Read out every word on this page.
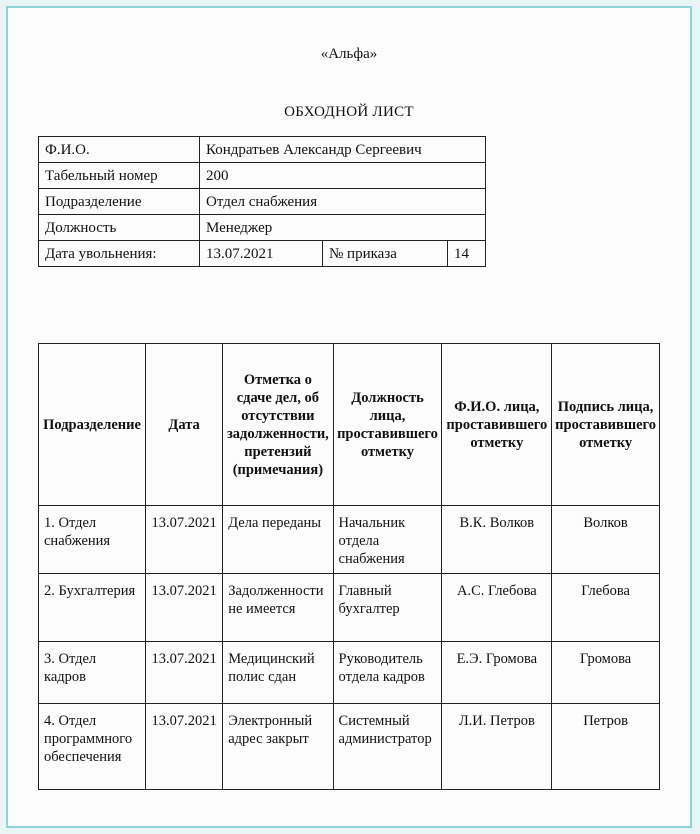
«Альфа»
ОБХОДНОЙ ЛИСТ
Ф.И.О.	Кондратьев Александр Сергеевич		
Табельный номер	200		
Подразделение	Отдел снабжения		
Должность	Менеджер		
Дата увольнения:	13.07.2021	№ приказа	14
Подразделение	Дата	Отметка о сдаче дел, об отсутствии задолженности, претензий (примечания)	Должность лица, проставившего отметку	Ф.И.О. лица, проставившего отметку	Подпись лица, проставившего отметку
1. Отдел снабжения	13.07.2021	Дела переданы	Начальник отдела снабжения	В.К. Волков	Волков
2. Бухгалтерия	13.07.2021	Задолженности не имеется	Главный бухгалтер	А.С. Глебова	Глебова
3. Отдел кадров	13.07.2021	Медицинский полис сдан	Руководитель отдела кадров	Е.Э. Громова	Громова
4. Отдел программного обеспечения	13.07.2021	Электронный адрес закрыт	Системный администратор	Л.И. Петров	Петров
